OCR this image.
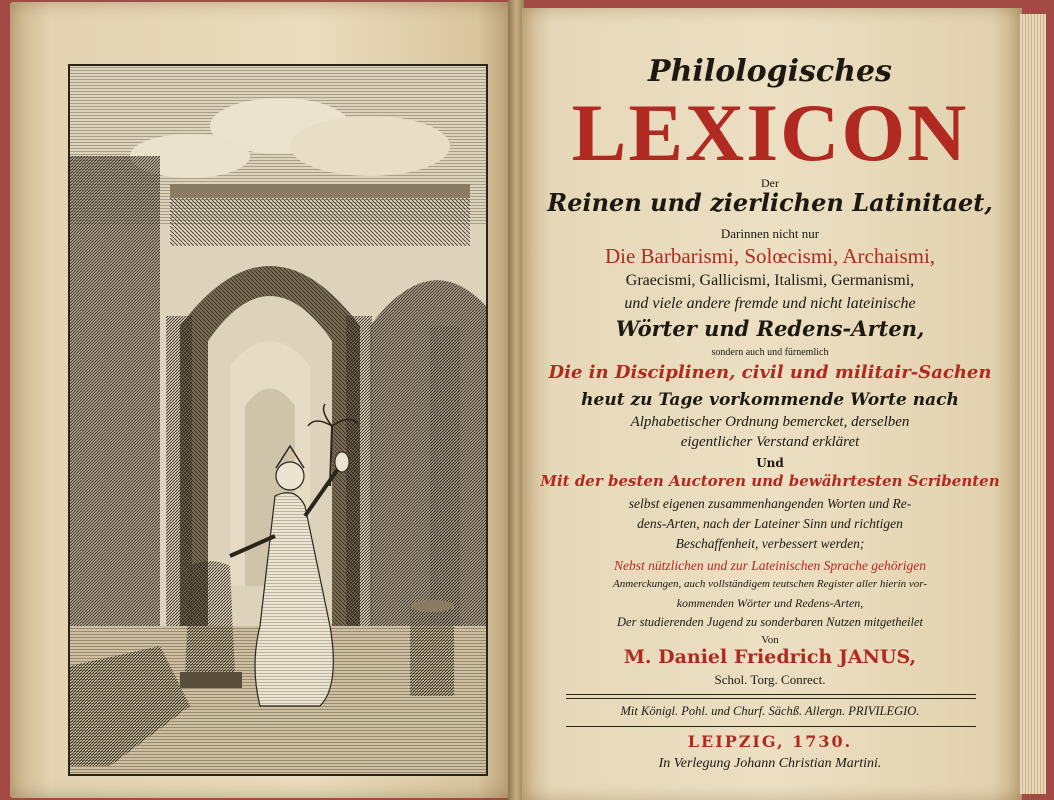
Philologisches
LEXICON
Der
Reinen und zierlichen Latinitaet,
Darinnen nicht nur
Die Barbarismi, Solœcismi, Archaismi,
Graecismi, Gallicismi, Italismi, Germanismi,
und viele andere fremde und nicht lateinische
Wörter und Redens-Arten,
sondern auch und fürnemlich
Die in Disciplinen, civil und militair-Sachen
heut zu Tage vorkommende Worte nach
Alphabetischer Ordnung bemercket, derselben
eigentlicher Verstand erkläret
Und
Mit der besten Auctoren und bewährtesten Scribenten
selbst eigenen zusammenhangenden Worten und Re-
dens-Arten, nach der Lateiner Sinn und richtigen
Beschaffenheit, verbessert werden;
Nebst nützlichen und zur Lateinischen Sprache gehörigen
Anmerckungen, auch vollständigem teutschen Register aller hierin vor-
kommenden Wörter und Redens-Arten,
Der studierenden Jugend zu sonderbaren Nutzen mitgetheilet
Von
M. Daniel Friedrich JANUS,
Schol. Torg. Conrect.
Mit Königl. Pohl. und Churf. Sächß. Allergn. PRIVILEGIO.
LEIPZIG, 1730.
In Verlegung Johann Christian Martini.
